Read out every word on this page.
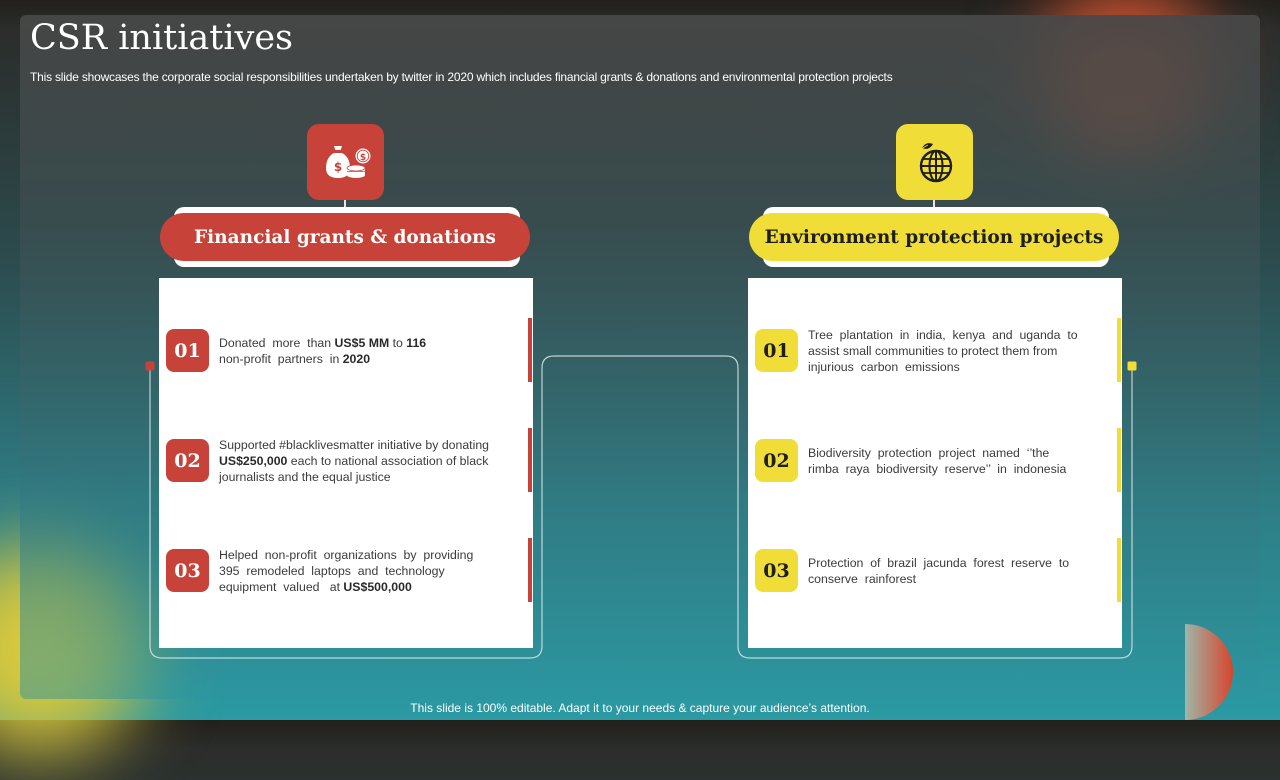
CSR initiatives

This slide showcases the corporate social responsibilities undertaken by twitter in 2020 which includes financial grants & donations and environmental protection projects

$
$
Financial grants & donations
01	Donated  more  than US$5 MM to 116
non-profit  partners  in 2020
02
Supported #blacklivesmatter initiative by donating
US$250,000 each to national association of black
journalists and the equal justice
03
Helped  non-profit  organizations  by  providing
395  remodeled  laptops  and  technology
equipment  valued   at US$500,000
Environment protection projects
01
Tree  plantation  in  india,  kenya  and  uganda  to
assist small communities to protect them from
injurious  carbon  emissions
02	Biodiversity  protection  project  named  ‘’the
rimba  raya  biodiversity  reserve’’  in  indonesia
03	Protection  of  brazil  jacunda  forest  reserve  to
conserve  rainforest
This slide is 100% editable. Adapt it to your needs & capture your audience’s attention.
